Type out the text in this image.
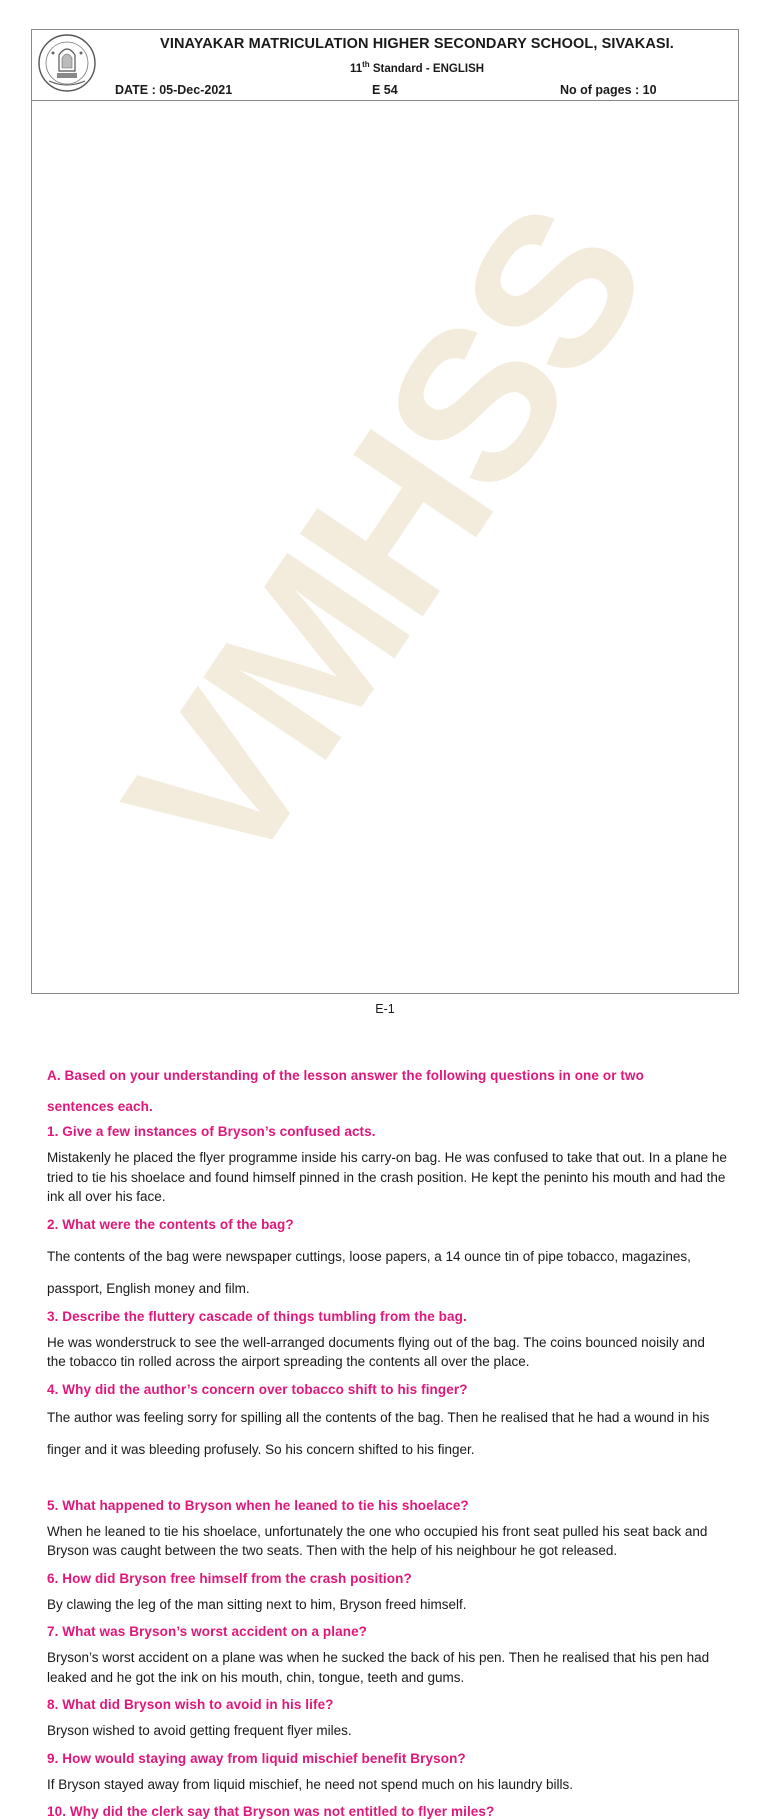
VMHSS
VINAYAKAR MATRICULATION HIGHER SECONDARY SCHOOL, SIVAKASI.
11th Standard - ENGLISH
DATE : 05-Dec-2021	E 54	No of pages : 10

A. Based on your understanding of the lesson answer the following questions in one or two

sentences each.

1. Give a few instances of Bryson’s confused acts.

Mistakenly he placed the flyer programme inside his carry-on bag. He was confused to take that out. In a plane he tried to tie his shoelace and found himself pinned in the crash position. He kept the peninto his mouth and had the ink all over his face.

2. What were the contents of the bag?

The contents of the bag were newspaper cuttings, loose papers, a 14 ounce tin of pipe tobacco, magazines, passport, English money and film.

3. Describe the fluttery cascade of things tumbling from the bag.

He was wonderstruck to see the well-arranged documents flying out of the bag. The coins bounced noisily and the tobacco tin rolled across the airport spreading the contents all over the place.

4. Why did the author’s concern over tobacco shift to his finger?

The author was feeling sorry for spilling all the contents of the bag. Then he realised that he had a wound in his finger and it was bleeding profusely. So his concern shifted to his finger.

5. What happened to Bryson when he leaned to tie his shoelace?

When he leaned to tie his shoelace, unfortunately the one who occupied his front seat pulled his seat back and Bryson was caught between the two seats. Then with the help of his neighbour he got released.

6. How did Bryson free himself from the crash position?

By clawing the leg of the man sitting next to him, Bryson freed himself.

7. What was Bryson’s worst accident on a plane?

Bryson’s worst accident on a plane was when he sucked the back of his pen. Then he realised that his pen had leaked and he got the ink on his mouth, chin, tongue, teeth and gums.

8. What did Bryson wish to avoid in his life?

Bryson wished to avoid getting frequent flyer miles.

9. How would staying away from liquid mischief benefit Bryson?

If Bryson stayed away from liquid mischief, he need not spend much on his laundry bills.

10. Why did the clerk say that Bryson was not entitled to flyer miles?

E-1
